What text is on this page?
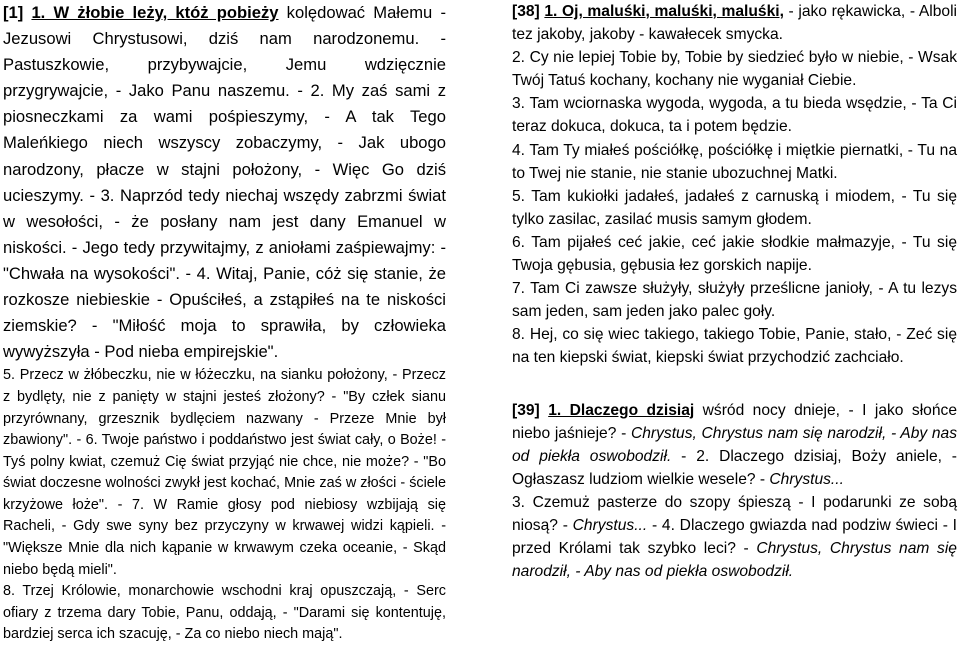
[1] 1. W żłobie leży, któż pobieży kolędować Małemu - Jezusowi Chrystusowi, dziś nam narodzonemu. - Pastuszkowie, przybywajcie, Jemu wdzięcznie przygrywajcie, - Jako Panu naszemu. - 2. My zaś sami z piosneczkami za wami pośpieszymy, - A tak Tego Maleńkiego niech wszyscy zobaczymy, - Jak ubogo narodzony, płacze w stajni położony, - Więc Go dziś ucieszymy. - 3. Naprzód tedy niechaj wszędy zabrzmi świat w wesołości, - że posłany nam jest dany Emanuel w niskości. - Jego tedy przywitajmy, z aniołami zaśpiewajmy: - "Chwała na wysokości". - 4. Witaj, Panie, cóż się stanie, że rozkosze niebieskie - Opuściłeś, a zstąpiłeś na te niskości ziemskie? - "Miłość moja to sprawiła, by człowieka wywyższyła - Pod nieba empirejskie".

5. Przecz w żłóbeczku, nie w łóżeczku, na sianku położony, - Przecz z bydlęty, nie z panięty w stajni jesteś złożony? - "By człek sianu przyrównany, grzesznik bydlęciem nazwany - Przeze Mnie był zbawiony". - 6. Twoje państwo i poddaństwo jest świat cały, o Boże! - Tyś polny kwiat, czemuż Cię świat przyjąć nie chce, nie może? - "Bo świat doczesne wolności zwykł jest kochać, Mnie zaś w złości - ściele krzyżowe łoże". - 7. W Ramie głosy pod niebiosy wzbijają się Racheli, - Gdy swe syny bez przyczyny w krwawej widzi kąpieli. - "Większe Mnie dla nich kąpanie w krwawym czeka oceanie, - Skąd niebo będą mieli".

8. Trzej Królowie, monarchowie wschodni kraj opuszczają, - Serc ofiary z trzema dary Tobie, Panu, oddają, - "Darami się kontentuję, bardziej serca ich szacuję, - Za co niebo niech mają".

[38] 1. Oj, maluśki, maluśki, maluśki, - jako rękawicka, - Alboli tez jakoby, jakoby - kawałecek smycka.

2. Cy nie lepiej Tobie by, Tobie by siedzieć było w niebie, - Wsak Twój Tatuś kochany, kochany nie wyganiał Ciebie.

3. Tam wciornaska wygoda, wygoda, a tu bieda wsędzie, - Ta Ci teraz dokuca, dokuca, ta i potem będzie.

4. Tam Ty miałeś pościółkę, pościółkę i miętkie piernatki, - Tu na to Twej nie stanie, nie stanie ubozuchnej Matki.

5. Tam kukiołki jadałeś, jadałeś z carnuską i miodem, - Tu się tylko zasilac, zasilać musis samym głodem.

6. Tam pijałeś ceć jakie, ceć jakie słodkie małmazyje, - Tu się Twoja gębusia, gębusia łez gorskich napije.

7. Tam Ci zawsze służyły, służyły prześlicne janioły, - A tu lezys sam jeden, sam jeden jako palec goły.

8. Hej, co się wiec takiego, takiego Tobie, Panie, stało, - Zeć się na ten kiepski świat, kiepski świat przychodzić zachciało.

[39] 1. Dlaczego dzisiaj wśród nocy dnieje, - I jako słońce niebo jaśnieje? - Chrystus, Chrystus nam się narodził, - Aby nas od piekła oswobodził. - 2. Dlaczego dzisiaj, Boży aniele, - Ogłaszasz ludziom wielkie wesele? - Chrystus...

3. Czemuż pasterze do szopy śpieszą - I podarunki ze sobą niosą? - Chrystus... - 4. Dlaczego gwiazda nad podziw świeci - I przed Królami tak szybko leci? - Chrystus, Chrystus nam się narodził, - Aby nas od piekła oswobodził.
